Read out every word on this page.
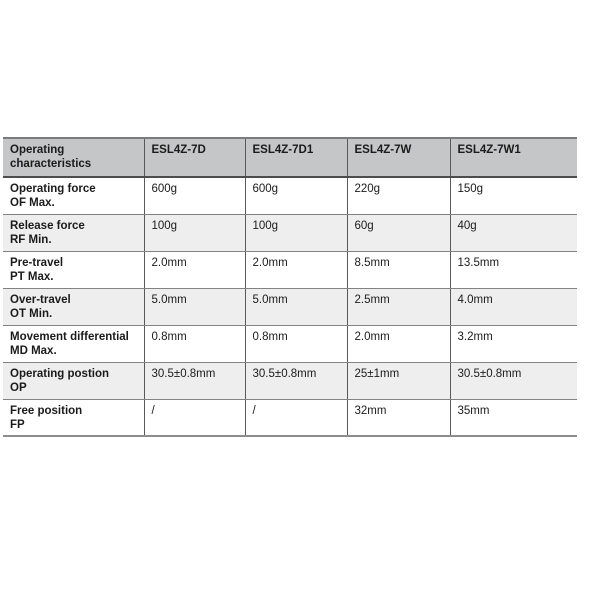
Operating
characteristics	ESL4Z-7D	ESL4Z-7D1	ESL4Z-7W	ESL4Z-7W1
Operating force
OF Max.	600g	600g	220g	150g
Release force
RF Min.	100g	100g	60g	40g
Pre-travel
PT Max.	2.0mm	2.0mm	8.5mm	13.5mm
Over-travel
OT Min.	5.0mm	5.0mm	2.5mm	4.0mm
Movement differential
MD Max.	0.8mm	0.8mm	2.0mm	3.2mm
Operating postion
OP	30.5±0.8mm	30.5±0.8mm	25±1mm	30.5±0.8mm
Free position
FP	/	/	32mm	35mm
